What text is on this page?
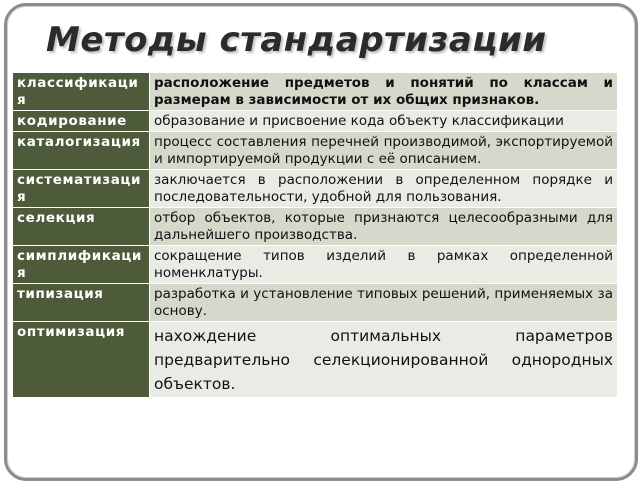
Методы стандартизации
классификация	расположение предметов и понятий по классам и размерам в зависимости от их общих признаков.
кодирование	образование и присвоение кода объекту классификации
каталогизация	процесс составления перечней производимой, экспортируемой и импортируемой продукции с её описанием.
систематизация	заключается в расположении в определенном порядке и последовательности, удобной для пользования.
селекция	отбор объектов, которые признаются целесообразными для дальнейшего производства.
симплификация	сокращение типов изделий в рамках определенной номенклатуры.
типизация	разработка и установление типовых решений, применяемых за основу.
оптимизация	нахождение оптимальных параметров предварительно селекционированной однородных объектов.
